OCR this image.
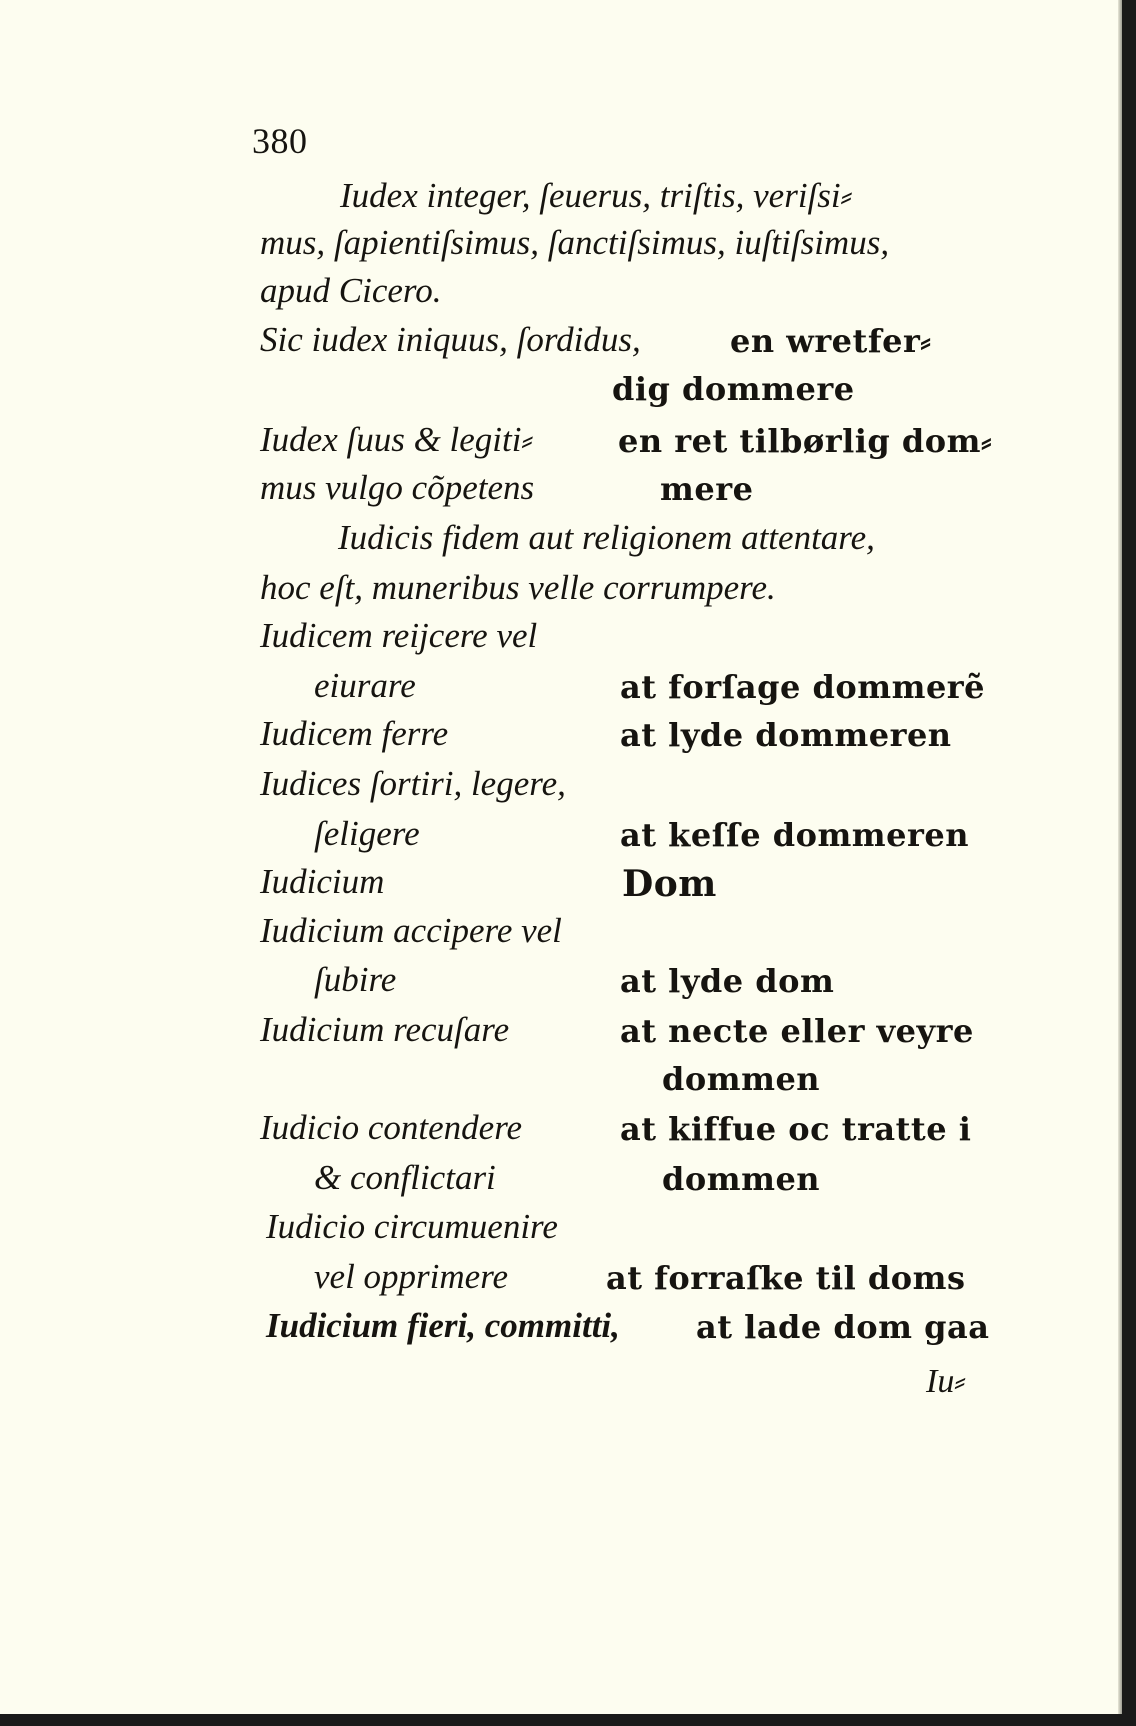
380
Iudex integer, ſeuerus, triſtis, veriſsi⸗
mus, ſapientiſsimus, ſanctiſsimus, iuſtiſsimus,
apud Cicero.
Sic iudex iniquus, ſordidus,	en wretfer⸗
dig dommere
Iudex ſuus & legiti⸗	en ret tilbørlig dom⸗
mus vulgo cõpetens	mere
Iudicis fidem aut religionem attentare,
hoc eſt, muneribus velle corrumpere.
Iudicem reijcere vel
eiurare	at forſage dommerẽ
Iudicem ferre	at lyde dommeren
Iudices ſortiri, legere,
ſeligere	at keſſe dommeren
Iudicium	Dom
Iudicium accipere vel
ſubire	at lyde dom
Iudicium recuſare	at necte eller veyre
dommen
Iudicio contendere	at kiffue oc tratte i
& conflictari	dommen
Iudicio circumuenire
vel opprimere	at forraſke til doms
Iudicium fieri, committi, at lade dom gaa
Iu⸗
